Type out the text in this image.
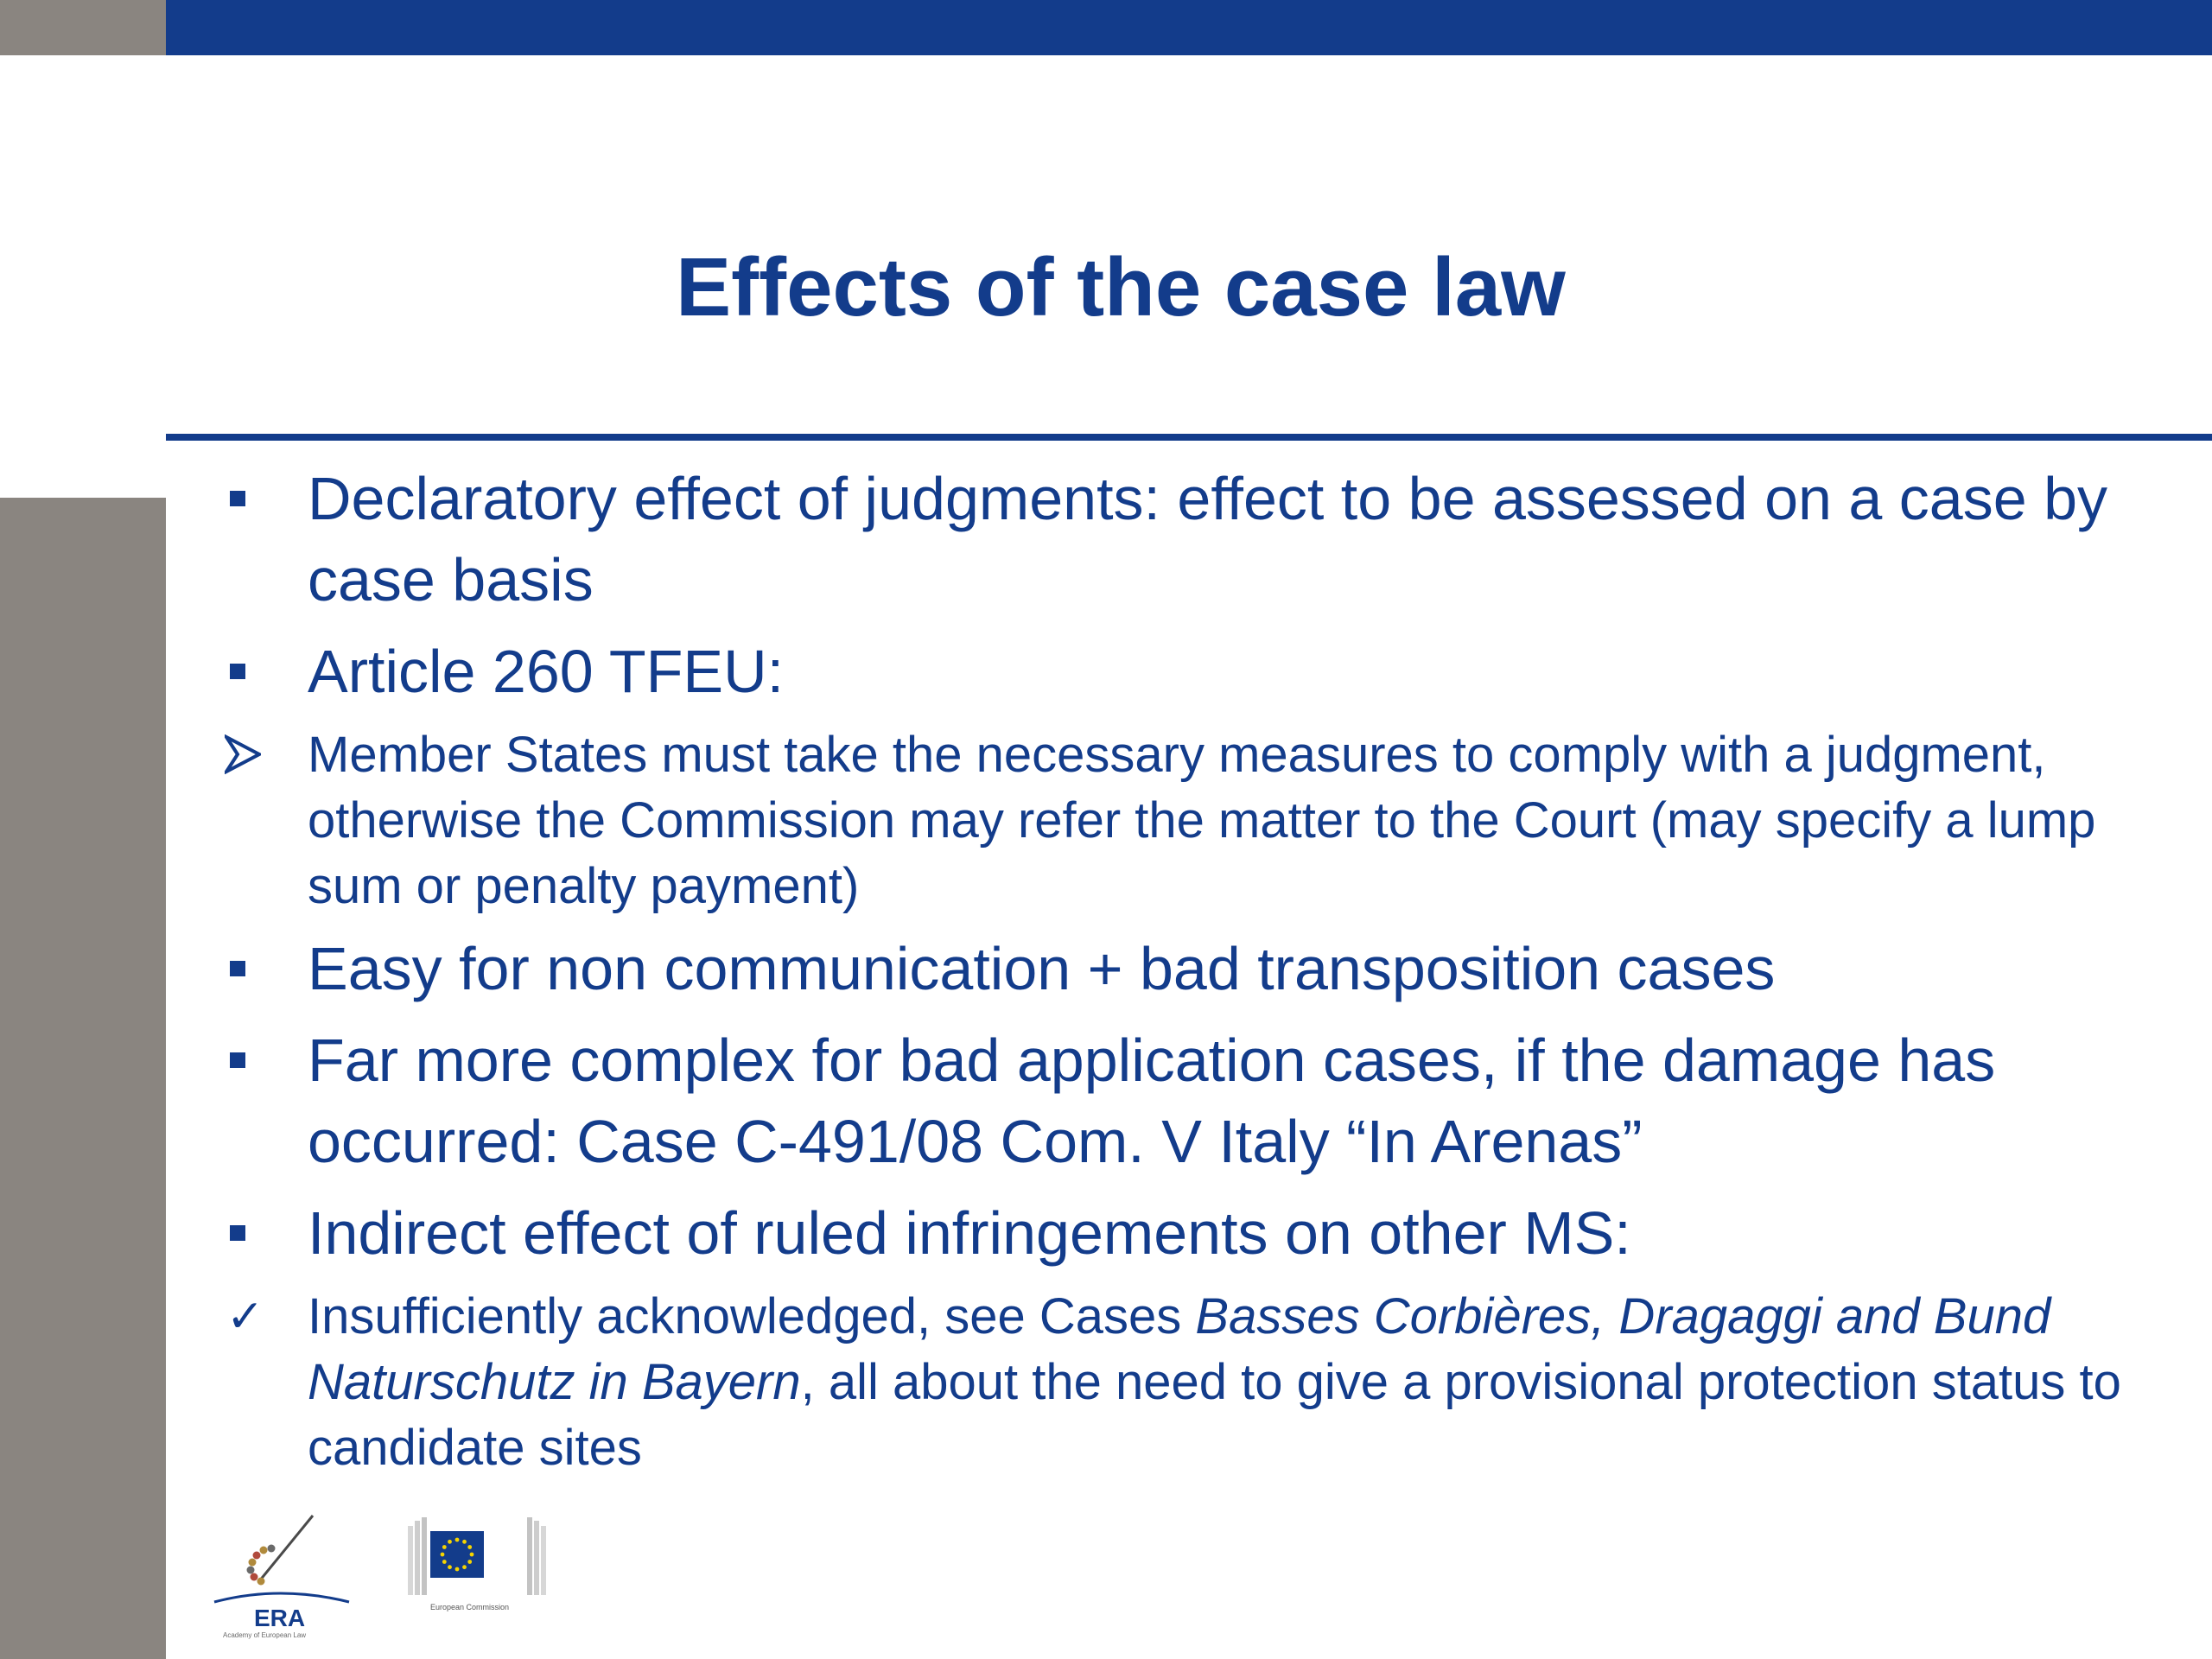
Effects of the case law
Declaratory effect of judgments: effect to be assessed on a case by case basis
Article 260 TFEU:
Member States must take the necessary measures to comply with a judgment, otherwise the Commission may refer the matter to the Court (may specify a lump sum or penalty payment)
Easy for non communication + bad transposition cases
Far more complex for bad application cases, if the damage has occurred: Case C-491/08 Com. V Italy “In Arenas”
Indirect effect of ruled infringements on other MS:
✓ Insufficiently acknowledged, see Cases Basses Corbières, Dragaggi and Bund Naturschutz in Bayern, all about the need to give a provisional protection status to candidate sites
ERA
Academy of European Law
European Commission
